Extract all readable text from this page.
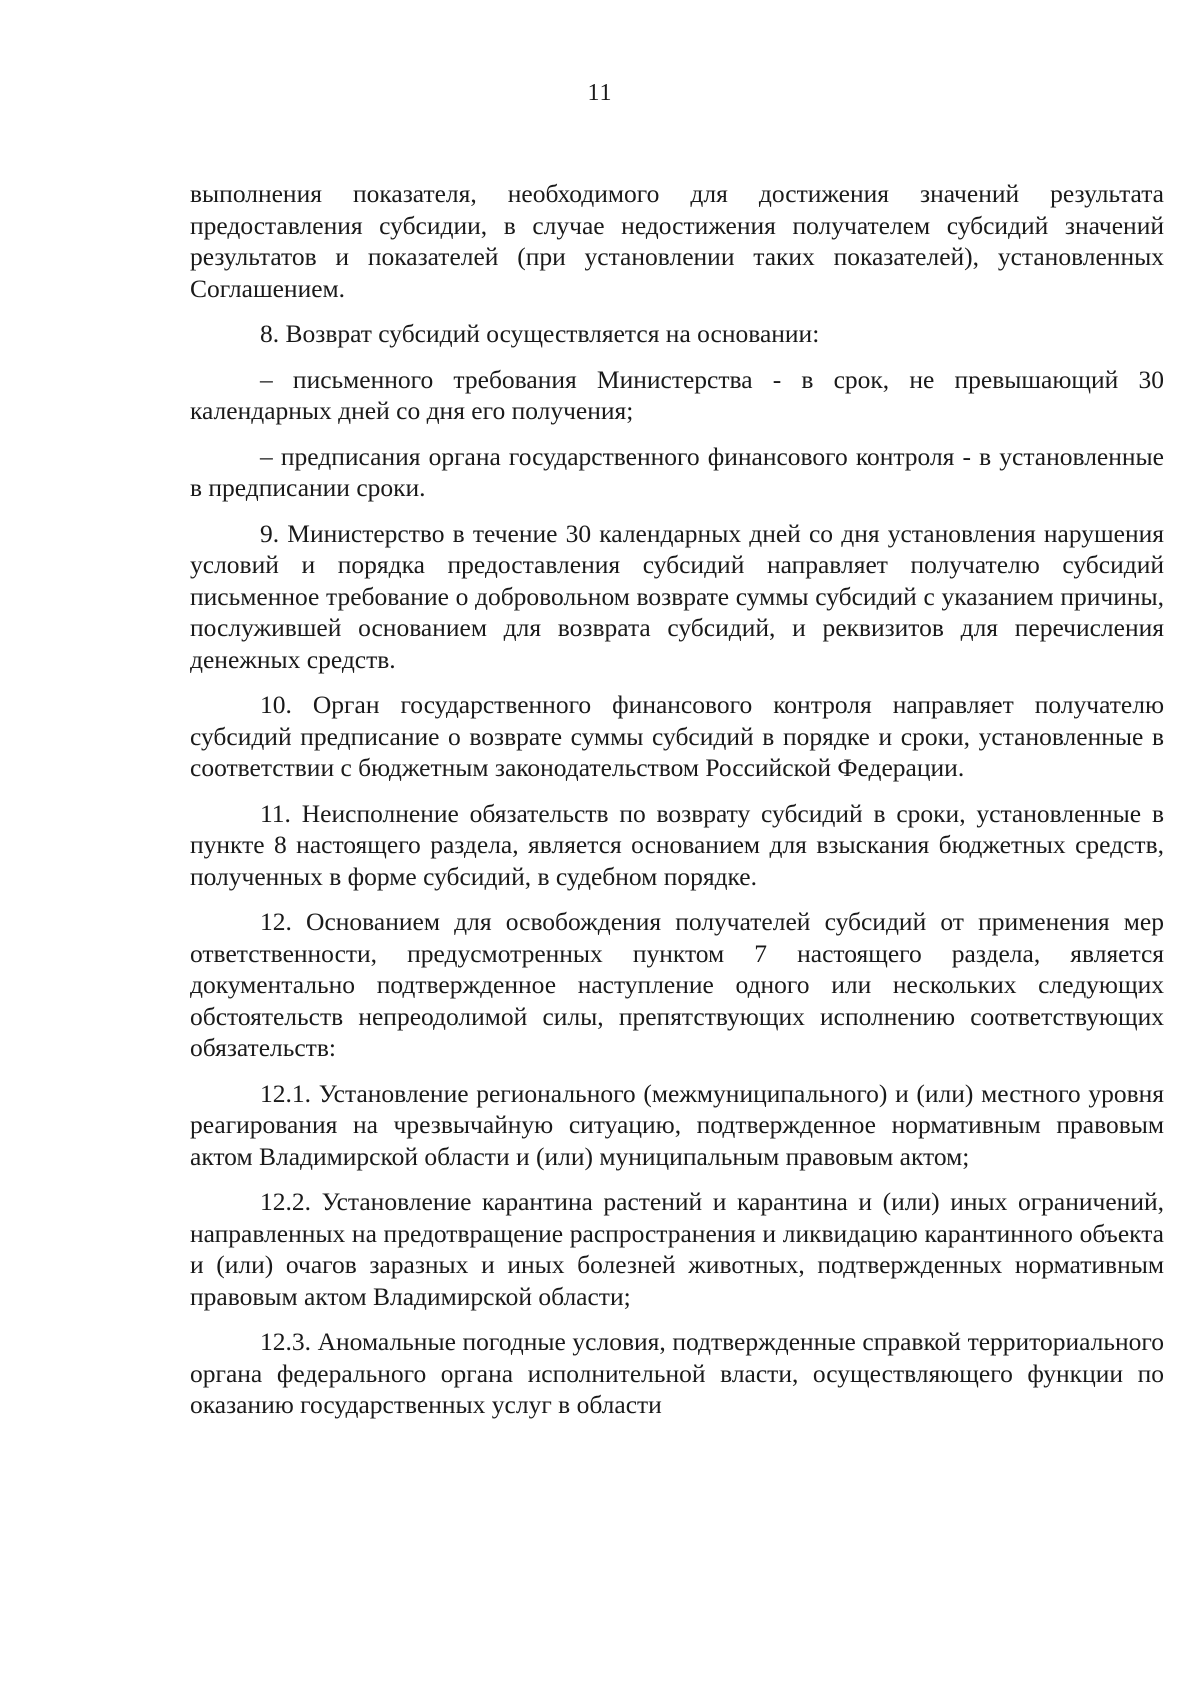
11

выполнения показателя, необходимого для достижения значений результата предоставления субсидии, в случае недостижения получателем субсидий значений результатов и показателей (при установлении таких показателей), установленных Соглашением.

8. Возврат субсидий осуществляется на основании:

– письменного требования Министерства - в срок, не превышающий 30 календарных дней со дня его получения;

– предписания органа государственного финансового контроля - в установленные в предписании сроки.

9. Министерство в течение 30 календарных дней со дня установления нарушения условий и порядка предоставления субсидий направляет получателю субсидий письменное требование о добровольном возврате суммы субсидий с указанием причины, послужившей основанием для возврата субсидий, и реквизитов для перечисления денежных средств.

10. Орган государственного финансового контроля направляет получателю субсидий предписание о возврате суммы субсидий в порядке и сроки, установленные в соответствии с бюджетным законодательством Российской Федерации.

11. Неисполнение обязательств по возврату субсидий в сроки, установленные в пункте 8 настоящего раздела, является основанием для взыскания бюджетных средств, полученных в форме субсидий, в судебном порядке.

12. Основанием для освобождения получателей субсидий от применения мер ответственности, предусмотренных пунктом 7 настоящего раздела, является документально подтвержденное наступление одного или нескольких следующих обстоятельств непреодолимой силы, препятствующих исполнению соответствующих обязательств:

12.1. Установление регионального (межмуниципального) и (или) местного уровня реагирования на чрезвычайную ситуацию, подтвержденное нормативным правовым актом Владимирской области и (или) муниципальным правовым актом;

12.2. Установление карантина растений и карантина и (или) иных ограничений, направленных на предотвращение распространения и ликвидацию карантинного объекта и (или) очагов заразных и иных болезней животных, подтвержденных нормативным правовым актом Владимирской области;

12.3. Аномальные погодные условия, подтвержденные справкой территориального органа федерального органа исполнительной власти, осуществляющего функции по оказанию государственных услуг в области
